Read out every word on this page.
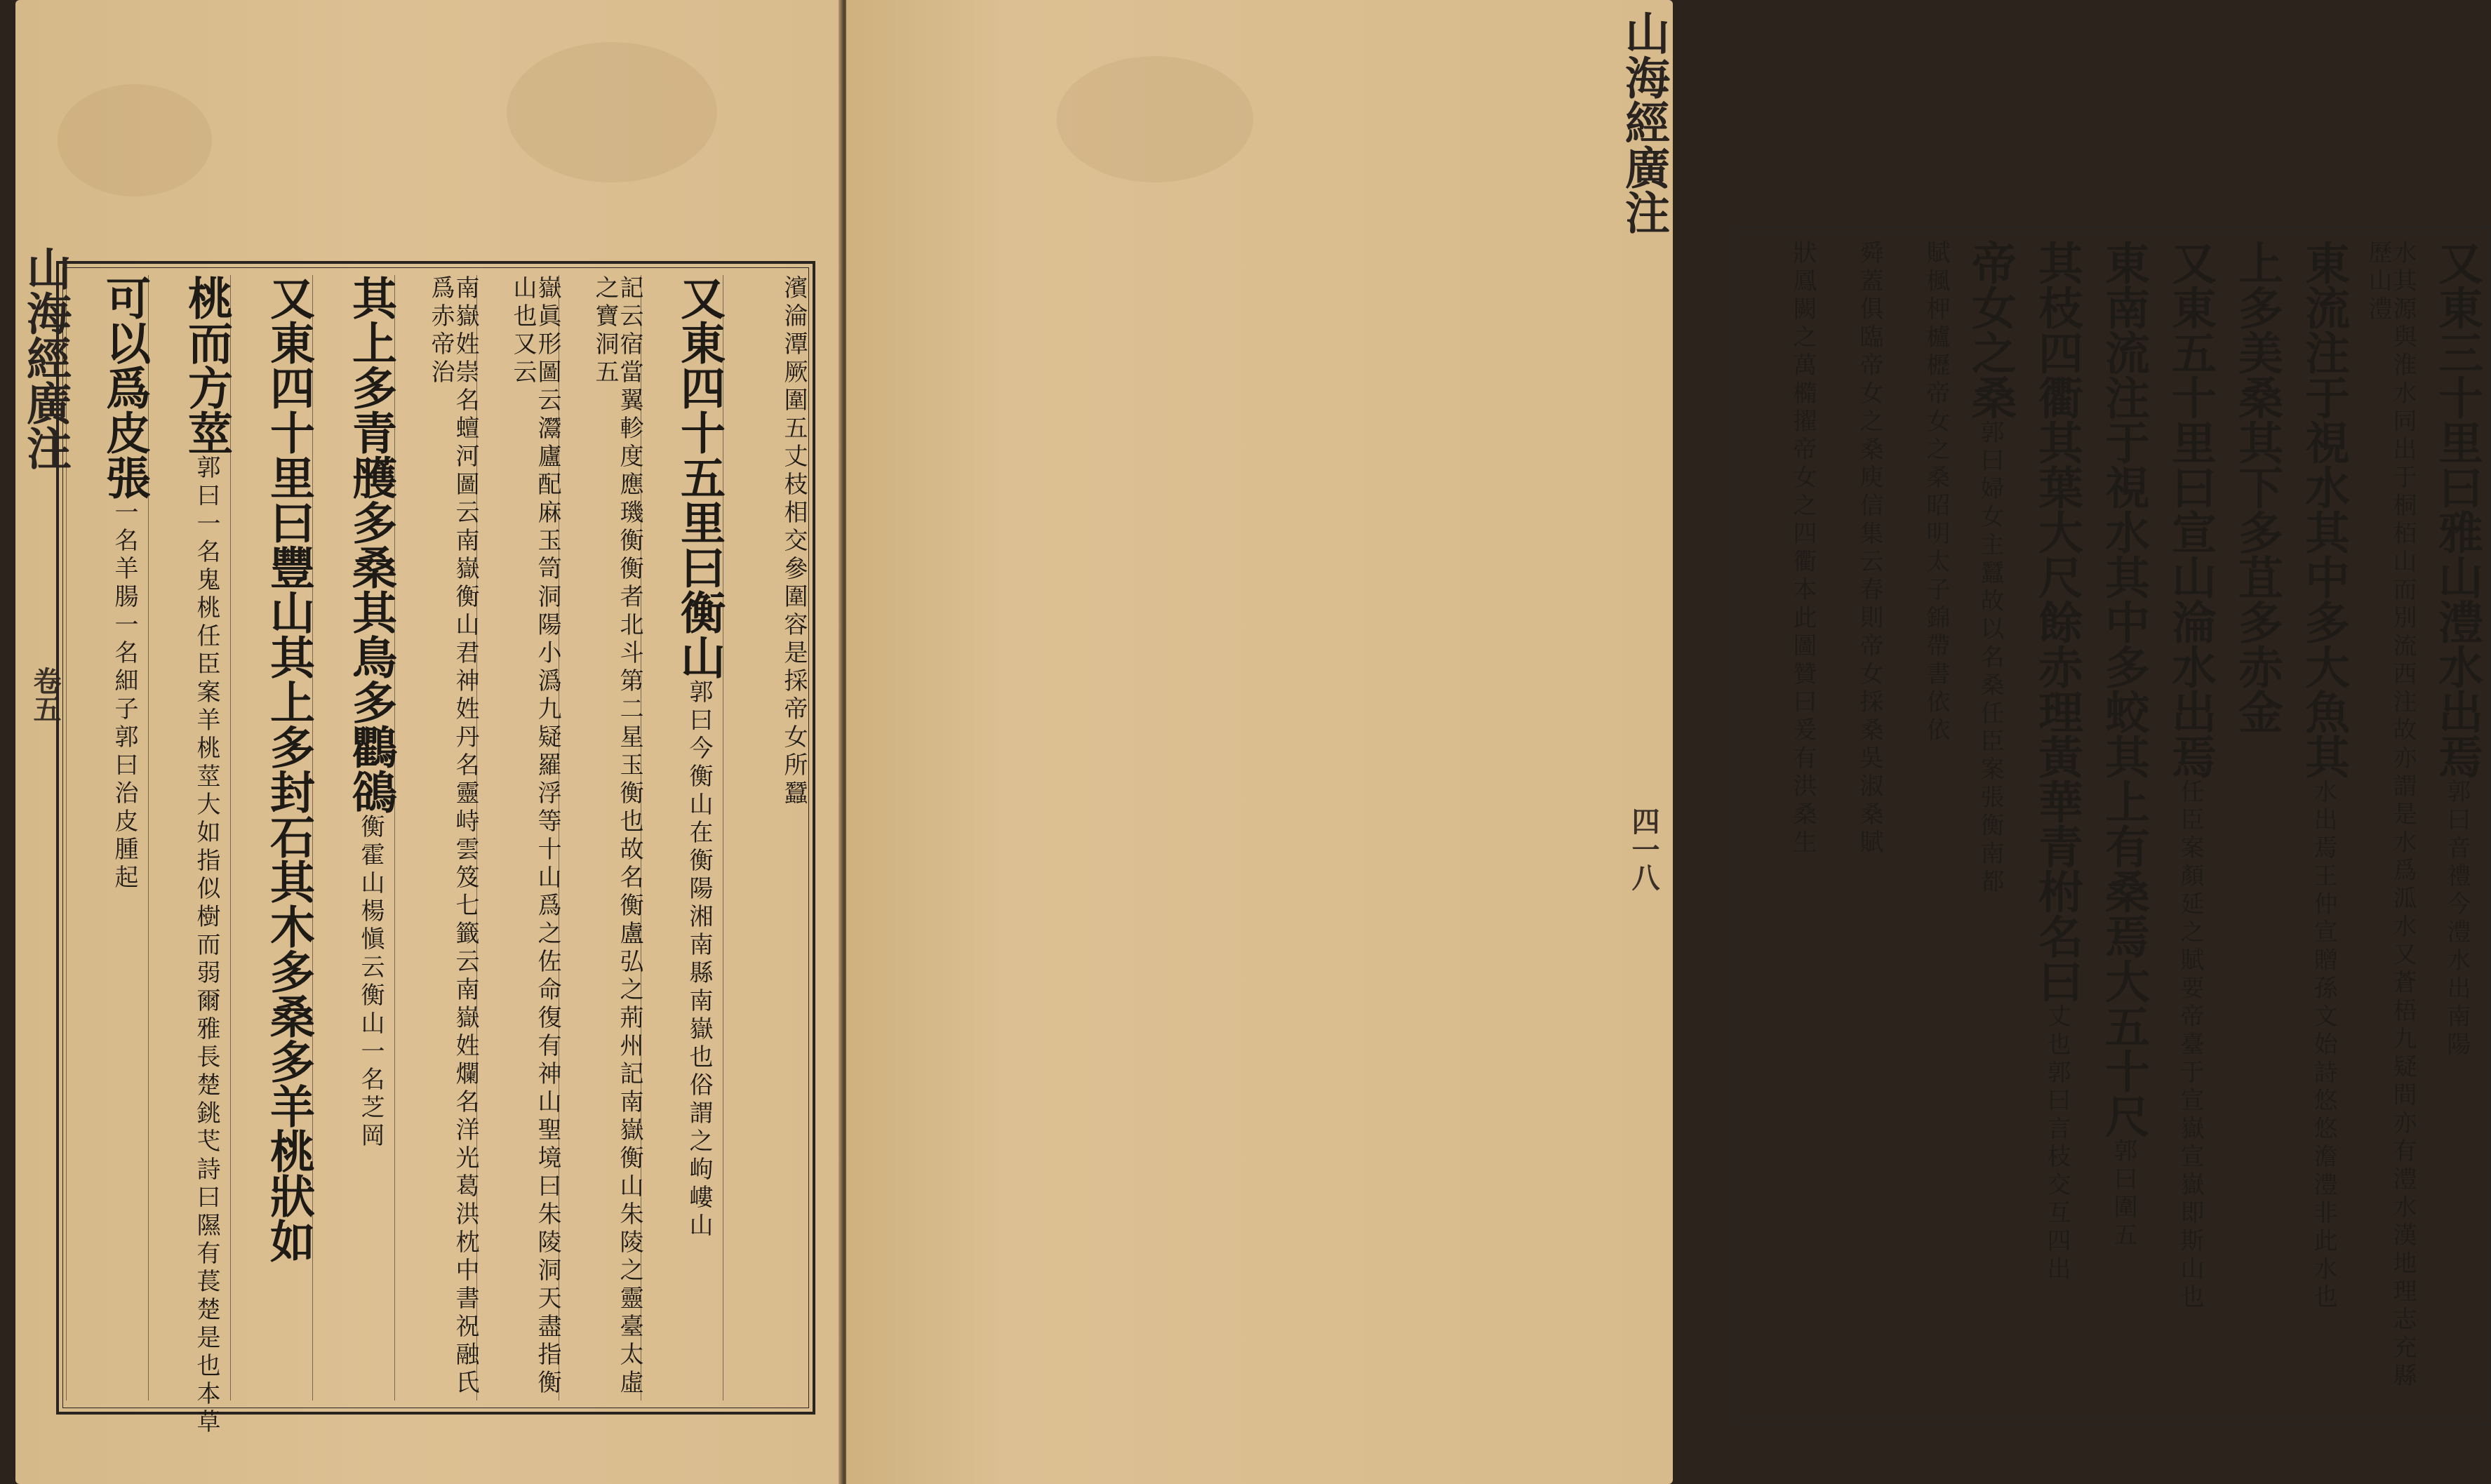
山海經廣注
卷五	濱淪潭厥圍五丈枝相交參圍容是採帝女所蠶
又東四十五里曰衡山郭曰今衡山在衡陽湘南縣南嶽也俗謂之岣嶁山
記云宿當翼軫度應璣衡衡者北斗第二星玉衡也故名衡盧弘之荊州記南嶽衡山朱陵之靈臺太虛之寶洞五
嶽眞形圖云灊廬配麻玉笥洞陽小潙九疑羅浮等十山爲之佐命復有神山聖境曰朱陵洞天盡指衡山也又云
南嶽姓崇名蟺河圖云南嶽衡山君神姓丹名靈峙雲笈七籤云南嶽姓爛名洋光葛洪枕中書祝融氏爲赤帝治
其上多青雘多桑其鳥多鸜鵒衡霍山楊愼云衡山一名芝岡
又東四十里曰豐山其上多封石其木多桑多羊桃狀如
桃而方莖郭曰一名鬼桃任臣案羊桃莖大如指似樹而弱爾雅長楚銚芅詩曰隰有萇楚是也本草
可以爲皮張一名羊腸一名細子郭曰治皮腫起
山海經廣注
四一八
又東三十里曰雅山澧水出焉郭曰音禮今澧水出南陽
水其源與淮水同出于桐栢山而別流西注故亦謂是水爲泒水又蒼梧九疑間亦有澧水漢地理志充縣歷山澧
東流注于視水其中多大魚其水出焉王仲宣贈孫文始詩悠悠澹澧非此水也
上多美桑其下多苴多赤金
又東五十里曰宣山淪水出焉任臣案顏延之賦要帝臺于宣嶽宣嶽即斯山也
東南流注于視水其中多蛟其上有桑焉大五十尺郭曰圍五
其枝四衢其葉大尺餘赤理黃華青柎名曰丈也郭曰言枝交互四出
帝女之桑郭曰婦女主蠶故以名桑任臣案張衡南都
賦楓柙櫨櫪帝女之桑昭明太子錦帶書依依
舜蓋俱臨帝女之桑庾信集云春則帝女採桑吳淑桑賦
狀鳳闕之萬橢擢帝女之四衢本此圖贊曰爰有洪桑生
